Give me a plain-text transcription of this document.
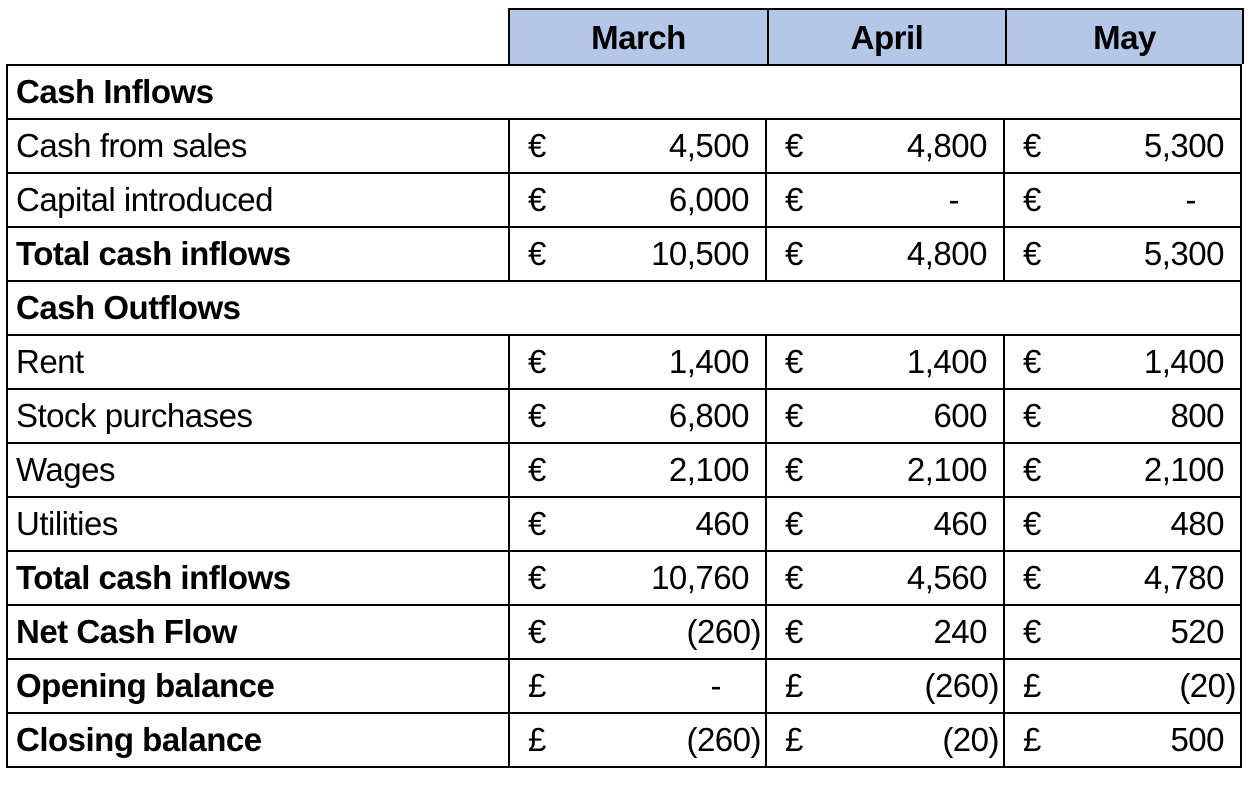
March	April	May
Cash Inflows			
Cash from sales	€ 4,500	€ 4,800	€ 5,300

Capital introduced	€ 6,000	€ -	€ -

Total cash inflows	€ 10,500	€ 4,800	€ 5,300

Cash Outflows			
Rent	€ 1,400	€ 1,400	€ 1,400

Stock purchases	€ 6,800	€ 600	€ 800

Wages	€ 2,100	€ 2,100	€ 2,100

Utilities	€ 460	€ 460	€ 480

Total cash inflows	€ 10,760	€ 4,560	€ 4,780

Net Cash Flow	€ (260)	€ 240	€ 520

Opening balance	£ -	£ (260)	£ (20)

Closing balance	£ (260)	£ (20)	£ 500
